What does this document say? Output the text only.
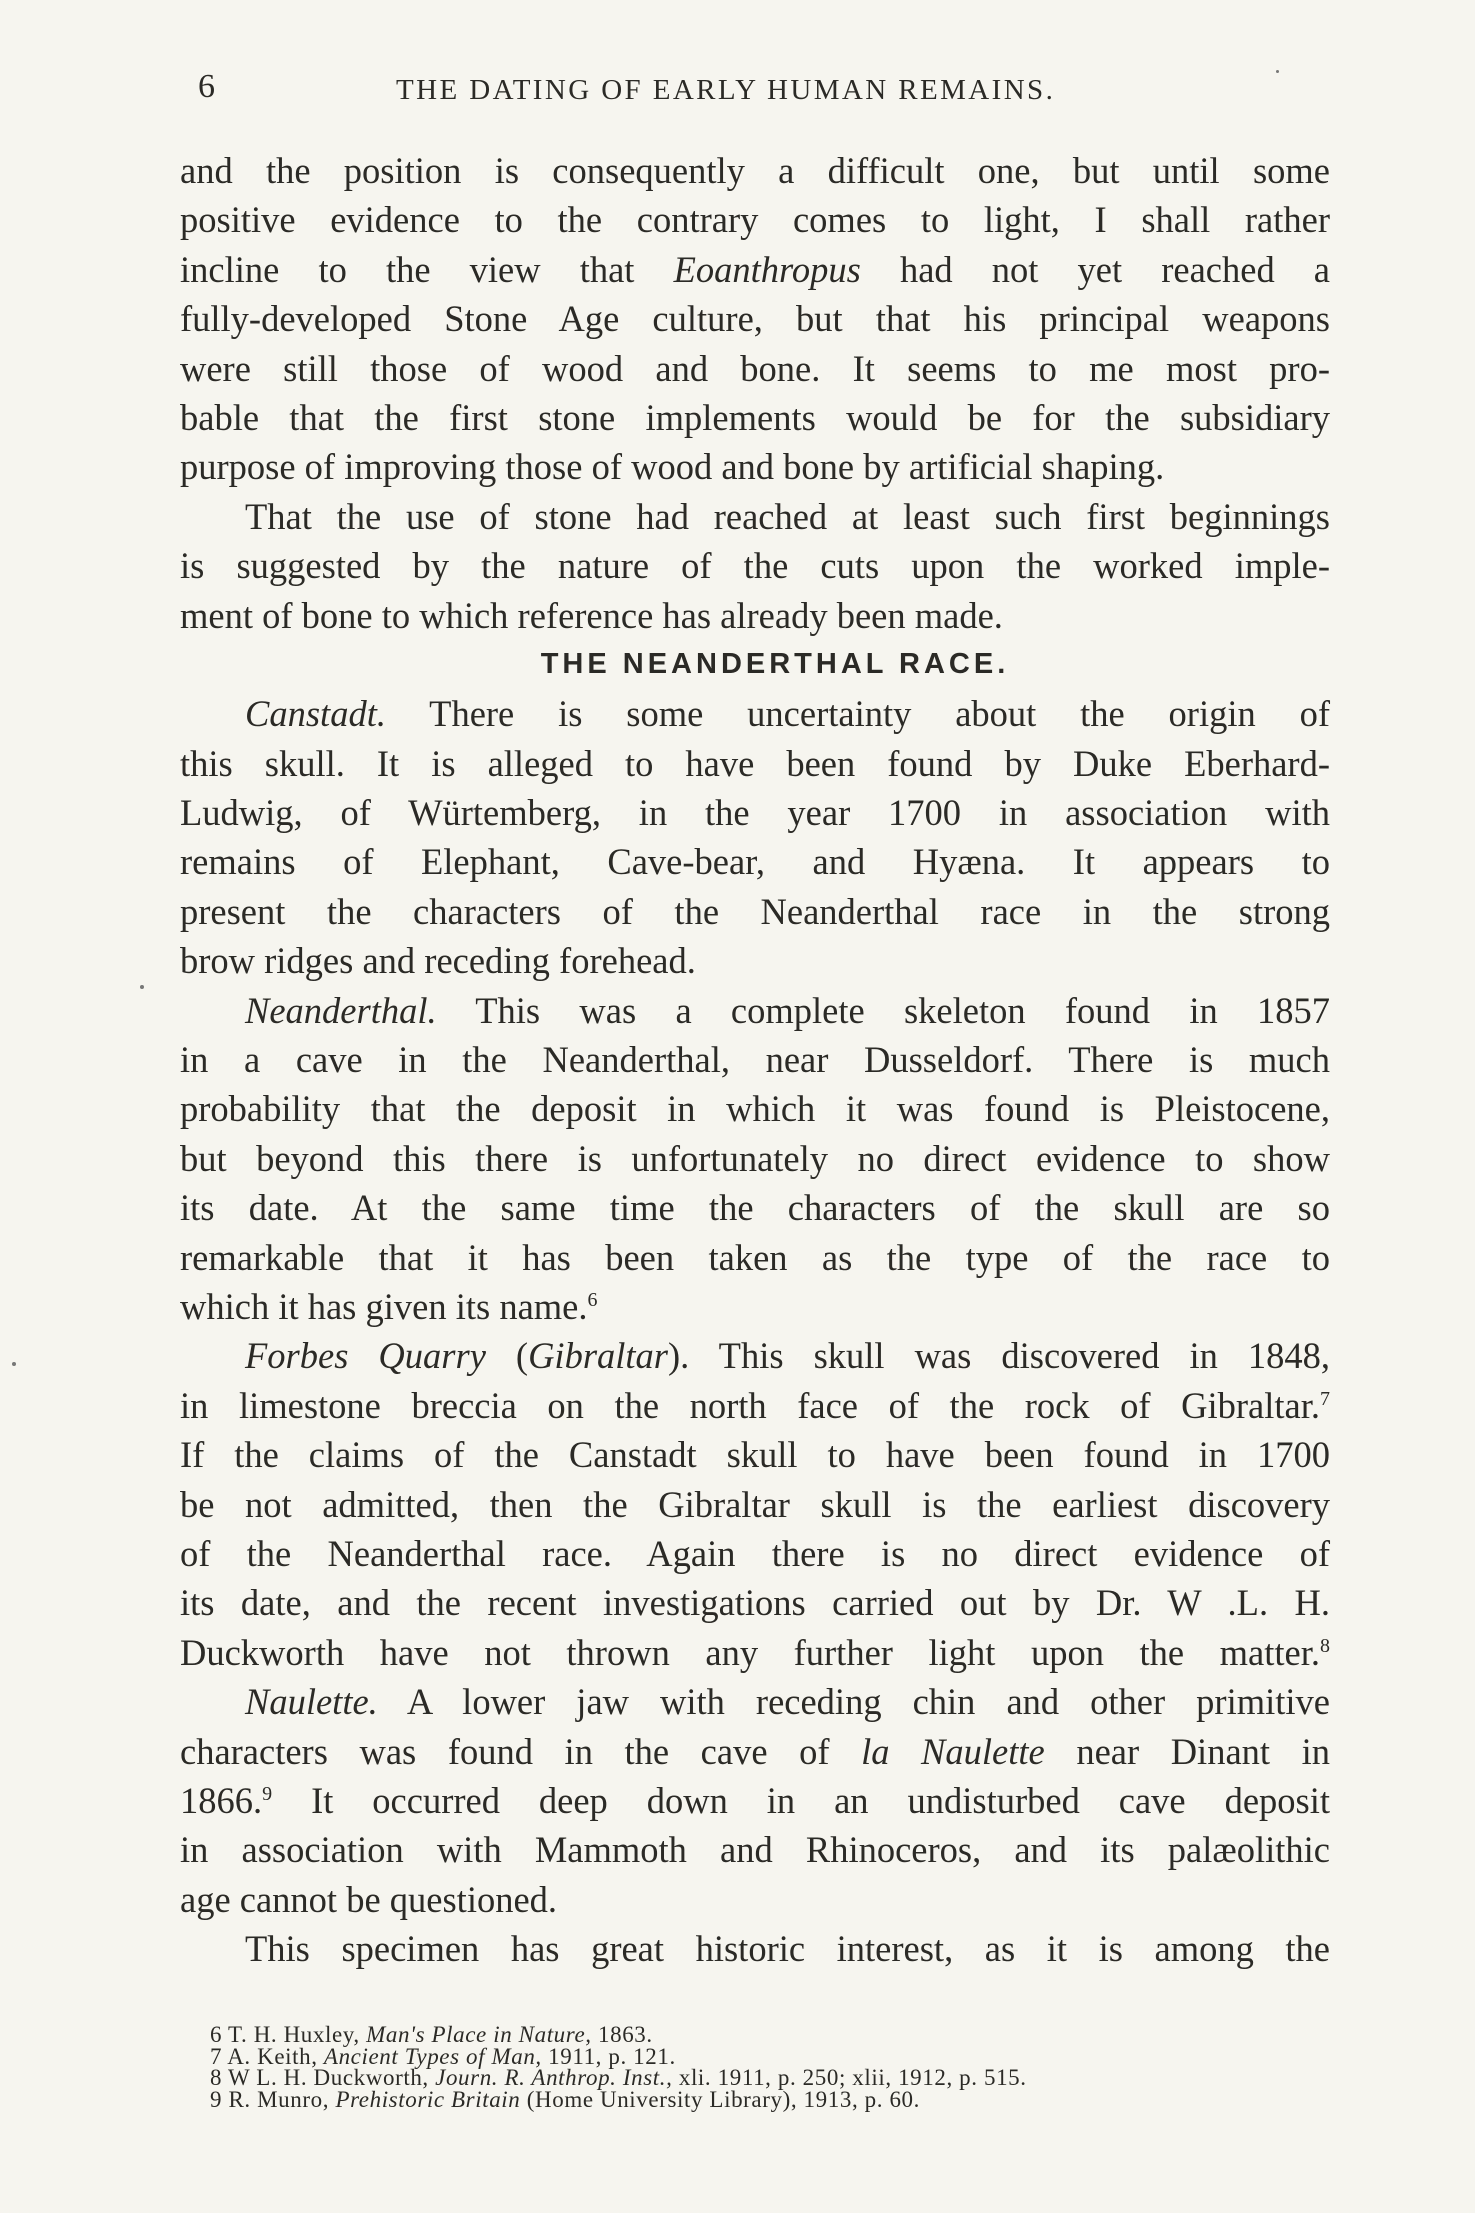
6	THE DATING OF EARLY HUMAN REMAINS.
and the position is consequently a difficult one, but until some
positive evidence to the contrary comes to light, I shall rather
incline to the view that Eoanthropus had not yet reached a
fully-developed Stone Age culture, but that his principal weapons
were still those of wood and bone. It seems to me most pro-
bable that the first stone implements would be for the subsidiary
purpose of improving those of wood and bone by artificial shaping.
That the use of stone had reached at least such first beginnings
is suggested by the nature of the cuts upon the worked imple-
ment of bone to which reference has already been made.
THE NEANDERTHAL RACE.
Canstadt. There is some uncertainty about the origin of
this skull. It is alleged to have been found by Duke Eberhard-
Ludwig, of Würtemberg, in the year 1700 in association with
remains of Elephant, Cave-bear, and Hyæna. It appears to
present the characters of the Neanderthal race in the strong
brow ridges and receding forehead.
Neanderthal. This was a complete skeleton found in 1857
in a cave in the Neanderthal, near Dusseldorf. There is much
probability that the deposit in which it was found is Pleistocene,
but beyond this there is unfortunately no direct evidence to show
its date. At the same time the characters of the skull are so
remarkable that it has been taken as the type of the race to
which it has given its name.$^6$
Forbes Quarry (Gibraltar). This skull was discovered in 1848,
in limestone breccia on the north face of the rock of Gibraltar.$^7$
If the claims of the Canstadt skull to have been found in 1700
be not admitted, then the Gibraltar skull is the earliest discovery
of the Neanderthal race. Again there is no direct evidence of
its date, and the recent investigations carried out by Dr. W .L. H.
Duckworth have not thrown any further light upon the matter.$^8$
Naulette. A lower jaw with receding chin and other primitive
characters was found in the cave of la Naulette near Dinant in
1866.$^9$ It occurred deep down in an undisturbed cave deposit
in association with Mammoth and Rhinoceros, and its palæolithic
age cannot be questioned.
This specimen has great historic interest, as it is among the
6 T. H. Huxley, Man's Place in Nature, 1863.
7 A. Keith, Ancient Types of Man, 1911, p. 121.
8 W L. H. Duckworth, Journ. R. Anthrop. Inst., xli. 1911, p. 250; xlii, 1912, p. 515.
9 R. Munro, Prehistoric Britain (Home University Library), 1913, p. 60.
